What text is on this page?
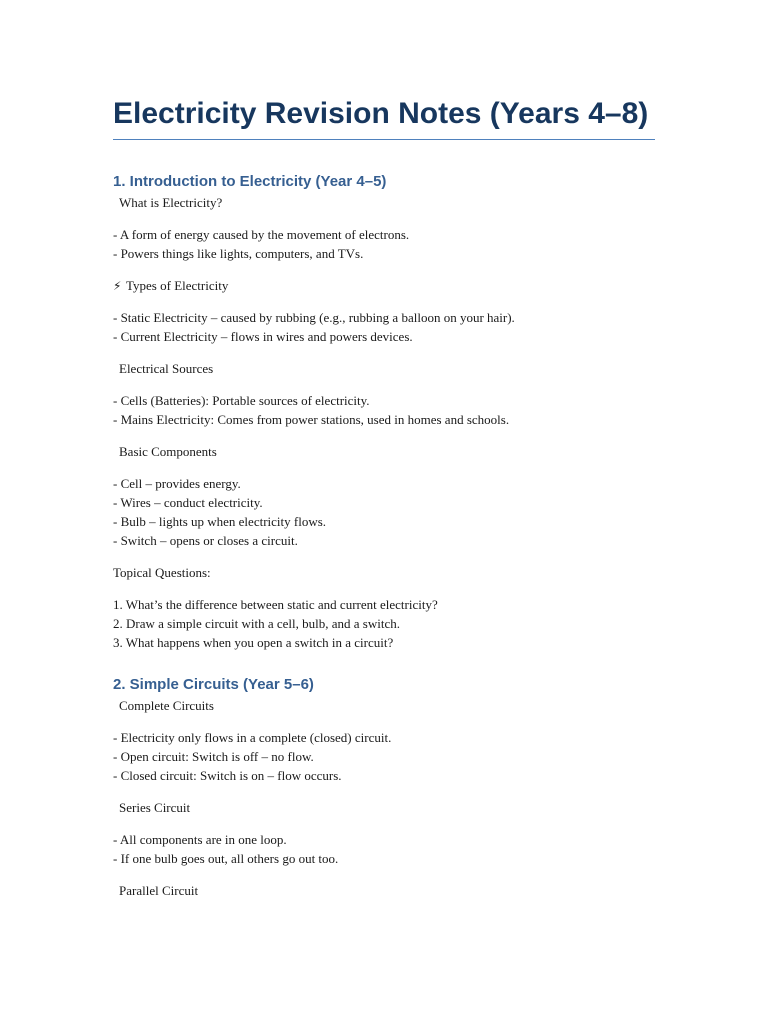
Electricity Revision Notes (Years 4–8)
1. Introduction to Electricity (Year 4–5)

What is Electricity?

- A form of energy caused by the movement of electrons.

- Powers things like lights, computers, and TVs.

⚡ Types of Electricity

- Static Electricity – caused by rubbing (e.g., rubbing a balloon on your hair).

- Current Electricity – flows in wires and powers devices.

Electrical Sources

- Cells (Batteries): Portable sources of electricity.

- Mains Electricity: Comes from power stations, used in homes and schools.

Basic Components

- Cell – provides energy.

- Wires – conduct electricity.

- Bulb – lights up when electricity flows.

- Switch – opens or closes a circuit.

Topical Questions:

1. What’s the difference between static and current electricity?

2. Draw a simple circuit with a cell, bulb, and a switch.

3. What happens when you open a switch in a circuit?

2. Simple Circuits (Year 5–6)

Complete Circuits

- Electricity only flows in a complete (closed) circuit.

- Open circuit: Switch is off – no flow.

- Closed circuit: Switch is on – flow occurs.

Series Circuit

- All components are in one loop.

- If one bulb goes out, all others go out too.

Parallel Circuit
